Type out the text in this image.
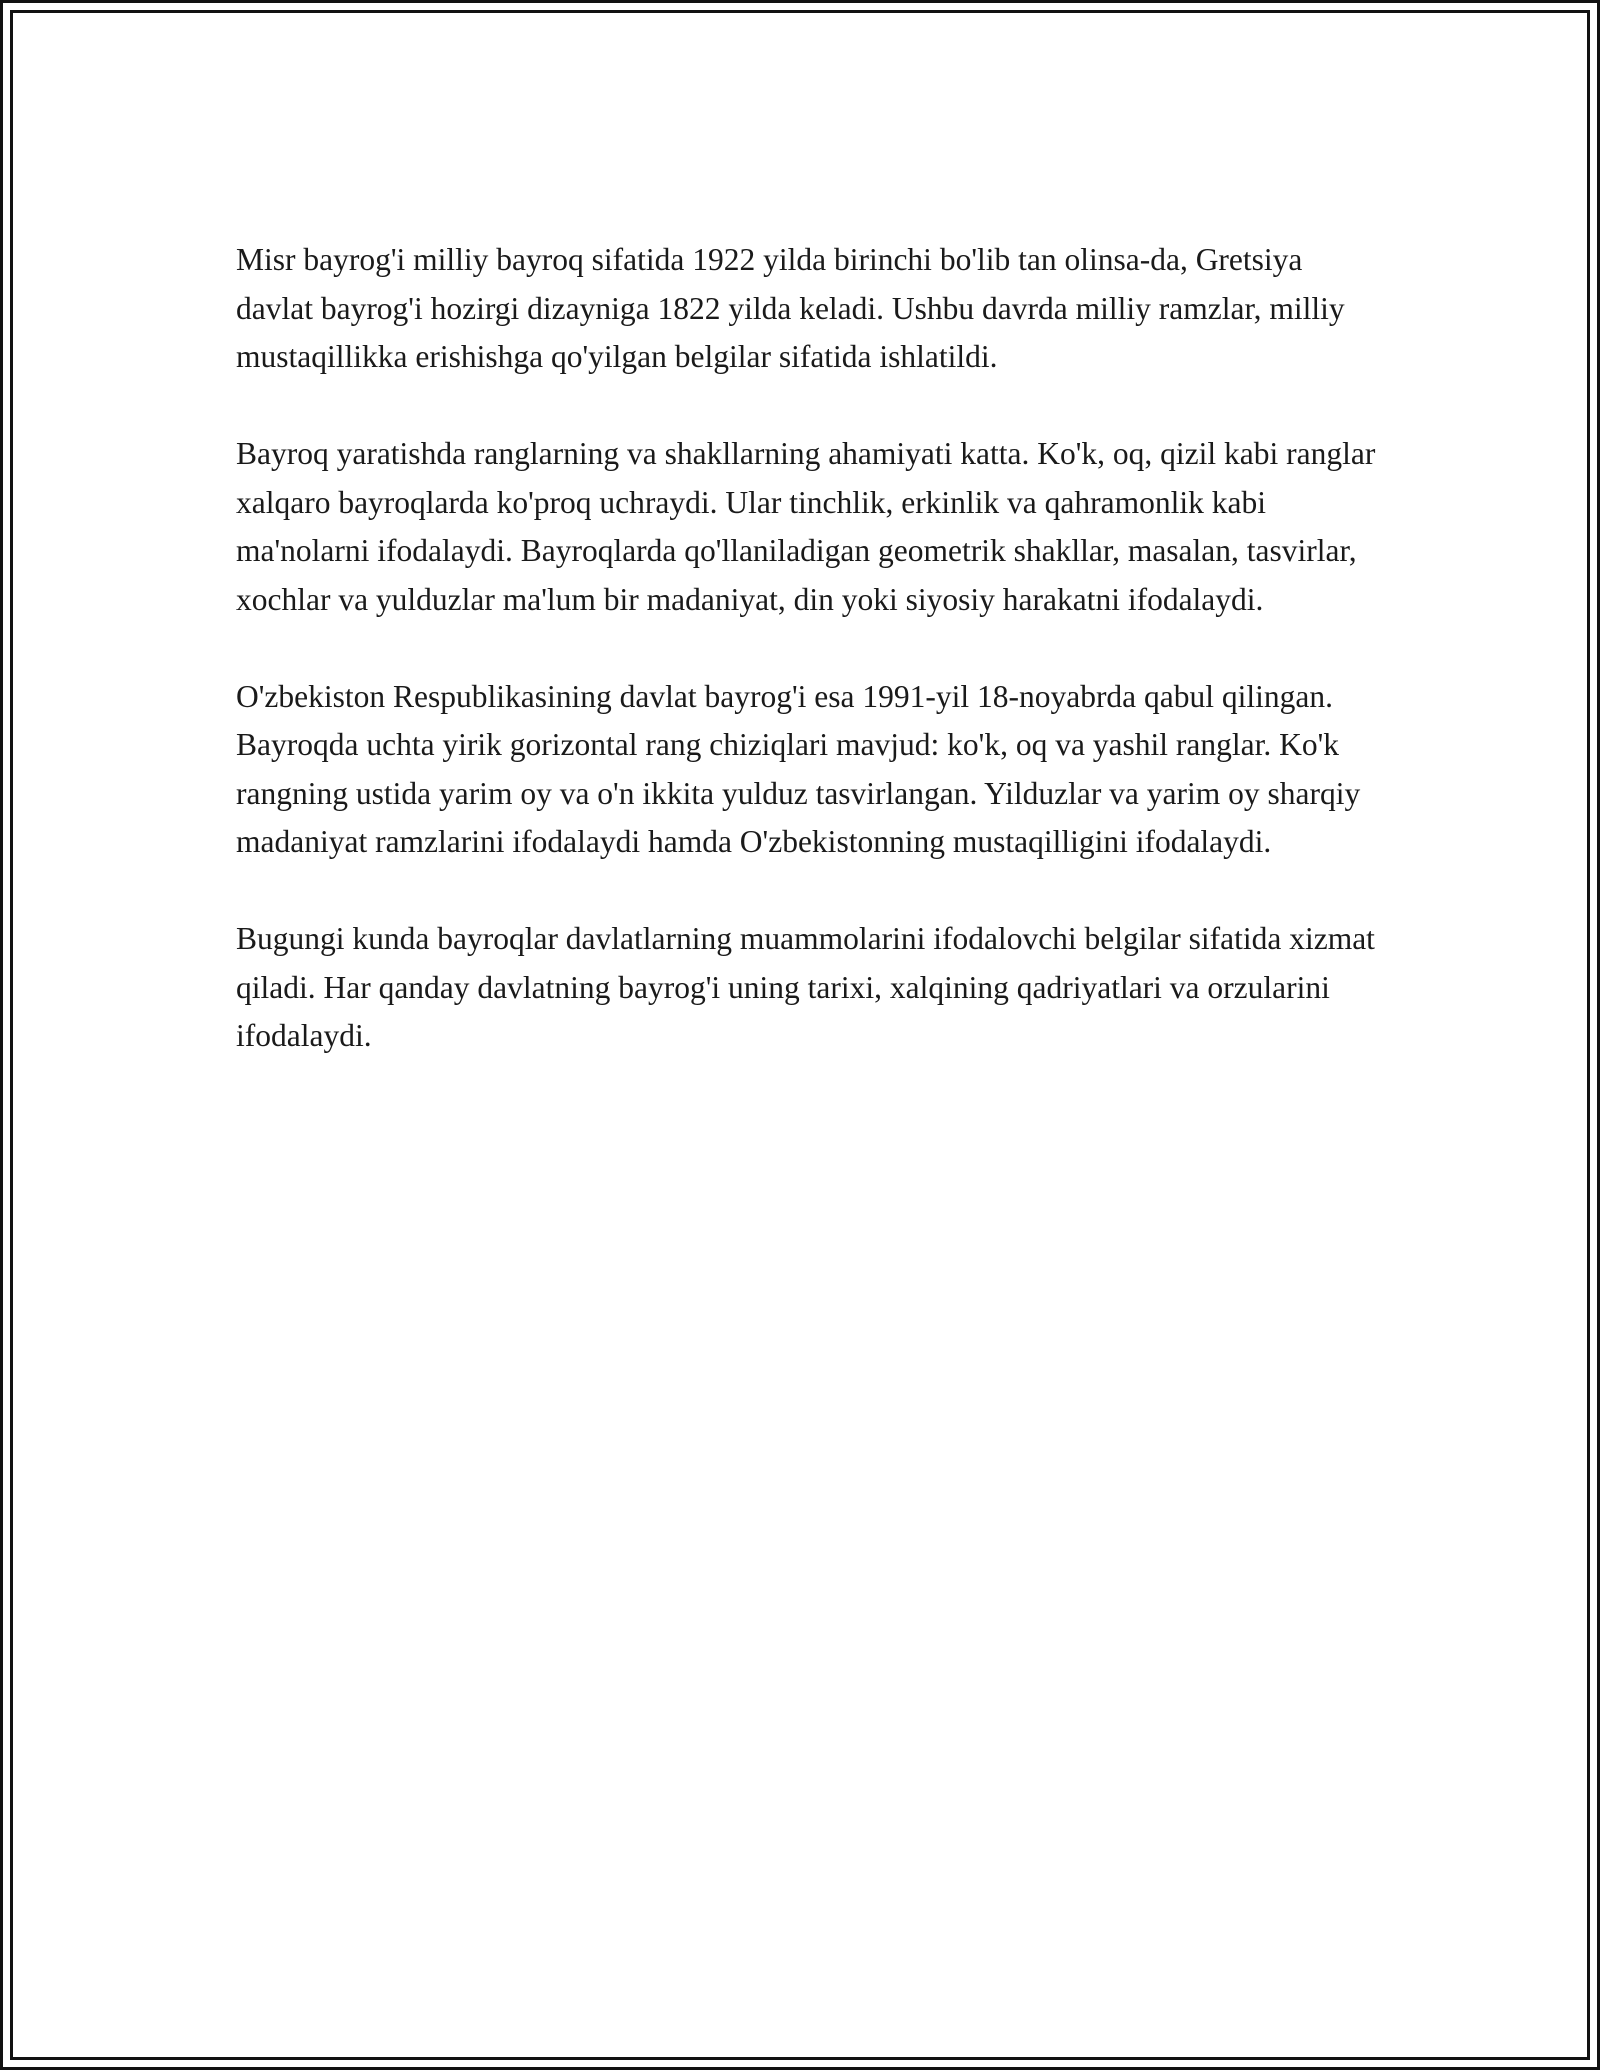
Misr bayrog'i milliy bayroq sifatida 1922 yilda birinchi bo'lib tan olinsa-da, Gretsiya davlat bayrog'i hozirgi dizayniga 1822 yilda keladi. Ushbu davrda milliy ramzlar, milliy mustaqillikka erishishga qo'yilgan belgilar sifatida ishlatildi.

Bayroq yaratishda ranglarning va shakllarning ahamiyati katta. Ko'k, oq, qizil kabi ranglar xalqaro bayroqlarda ko'proq uchraydi. Ular tinchlik, erkinlik va qahramonlik kabi ma'nolarni ifodalaydi. Bayroqlarda qo'llaniladigan geometrik shakllar, masalan, tasvirlar, xochlar va yulduzlar ma'lum bir madaniyat, din yoki siyosiy harakatni ifodalaydi.

O'zbekiston Respublikasining davlat bayrog'i esa 1991-yil 18-noyabrda qabul qilingan. Bayroqda uchta yirik gorizontal rang chiziqlari mavjud: ko'k, oq va yashil ranglar. Ko'k rangning ustida yarim oy va o'n ikkita yulduz tasvirlangan. Yilduzlar va yarim oy sharqiy madaniyat ramzlarini ifodalaydi hamda O'zbekistonning mustaqilligini ifodalaydi.

Bugungi kunda bayroqlar davlatlarning muammolarini ifodalovchi belgilar sifatida xizmat qiladi. Har qanday davlatning bayrog'i uning tarixi, xalqining qadriyatlari va orzularini ifodalaydi.
